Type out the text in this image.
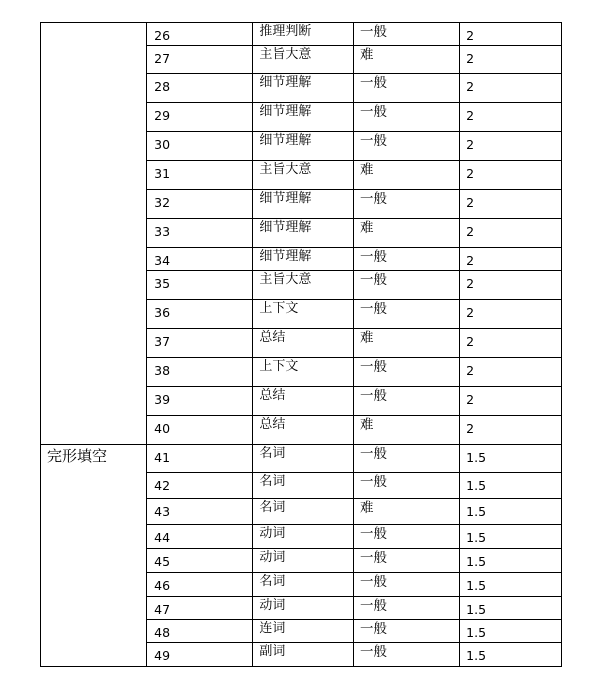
	26	推理判断	一般	2
	27	主旨大意	难	2
	28	细节理解	一般	2
	29	细节理解	一般	2
	30	细节理解	一般	2
	31	主旨大意	难	2
	32	细节理解	一般	2
	33	细节理解	难	2
	34	细节理解	一般	2
	35	主旨大意	一般	2
	36	上下文	一般	2
	37	总结	难	2
	38	上下文	一般	2
	39	总结	一般	2
	40	总结	难	2
完形填空	41	名词	一般	1.5
	42	名词	一般	1.5
	43	名词	难	1.5
	44	动词	一般	1.5
	45	动词	一般	1.5
	46	名词	一般	1.5
	47	动词	一般	1.5
	48	连词	一般	1.5
	49	副词	一般	1.5
